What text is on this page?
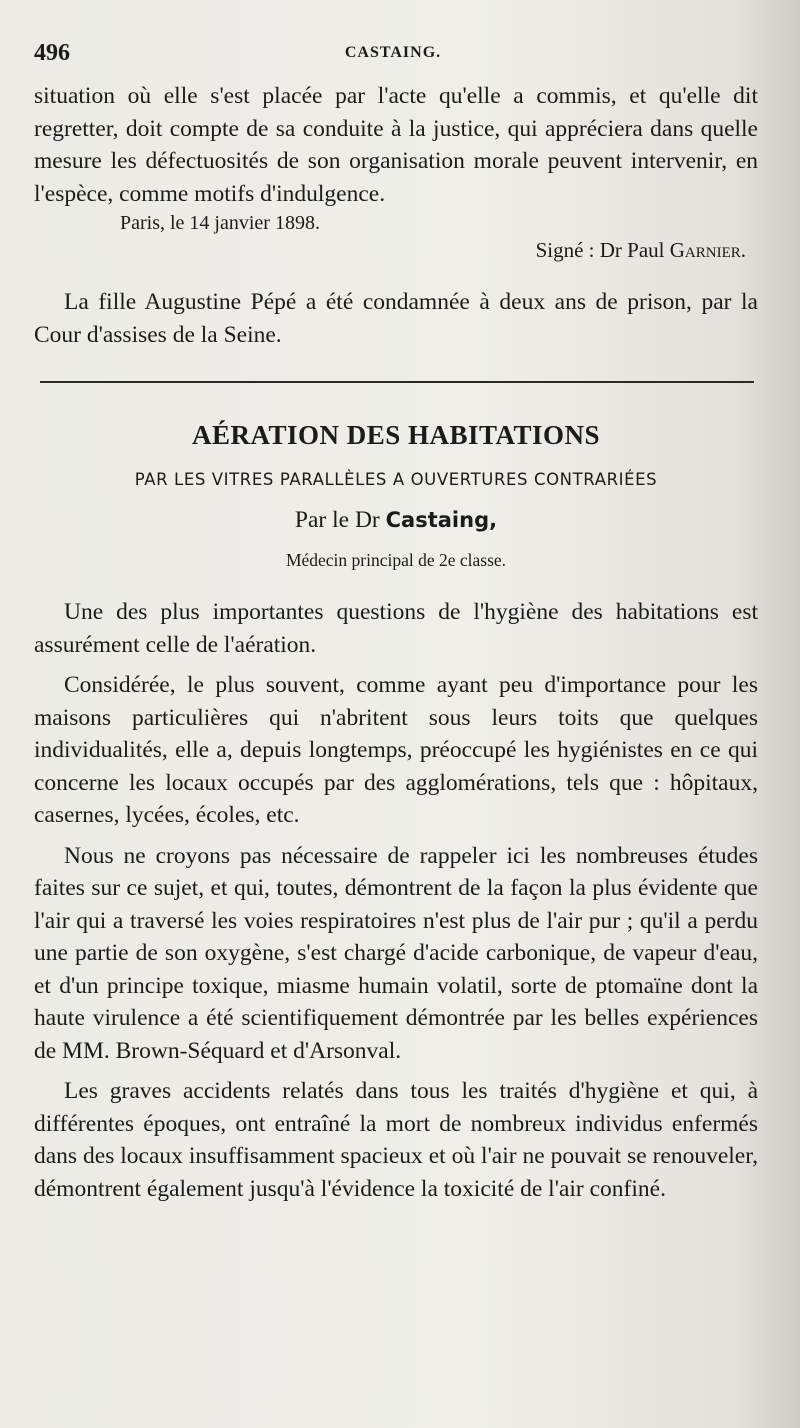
496	CASTAING.

situation où elle s'est placée par l'acte qu'elle a commis, et qu'elle dit regretter, doit compte de sa conduite à la justice, qui appréciera dans quelle mesure les défectuosités de son organisation morale peuvent intervenir, en l'espèce, comme motifs d'indulgence.

Paris, le 14 janvier 1898.
Signé : Dr Paul Garnier.

La fille Augustine Pépé a été condamnée à deux ans de prison, par la Cour d'assises de la Seine.

AÉRATION DES HABITATIONS
PAR LES VITRES PARALLÈLES A OUVERTURES CONTRARIÉES
Par le Dr Castaing,
Médecin principal de 2e classe.

Une des plus importantes questions de l'hygiène des habitations est assurément celle de l'aération.

Considérée, le plus souvent, comme ayant peu d'importance pour les maisons particulières qui n'abritent sous leurs toits que quelques individualités, elle a, depuis longtemps, préoccupé les hygiénistes en ce qui concerne les locaux occupés par des agglomérations, tels que : hôpitaux, casernes, lycées, écoles, etc.

Nous ne croyons pas nécessaire de rappeler ici les nombreuses études faites sur ce sujet, et qui, toutes, démontrent de la façon la plus évidente que l'air qui a traversé les voies respiratoires n'est plus de l'air pur ; qu'il a perdu une partie de son oxygène, s'est chargé d'acide carbonique, de vapeur d'eau, et d'un principe toxique, miasme humain volatil, sorte de ptomaïne dont la haute virulence a été scientifiquement démontrée par les belles expériences de MM. Brown-Séquard et d'Arsonval.

Les graves accidents relatés dans tous les traités d'hygiène et qui, à différentes époques, ont entraîné la mort de nombreux individus enfermés dans des locaux insuffisamment spacieux et où l'air ne pouvait se renouveler, démontrent également jusqu'à l'évidence la toxicité de l'air confiné.
